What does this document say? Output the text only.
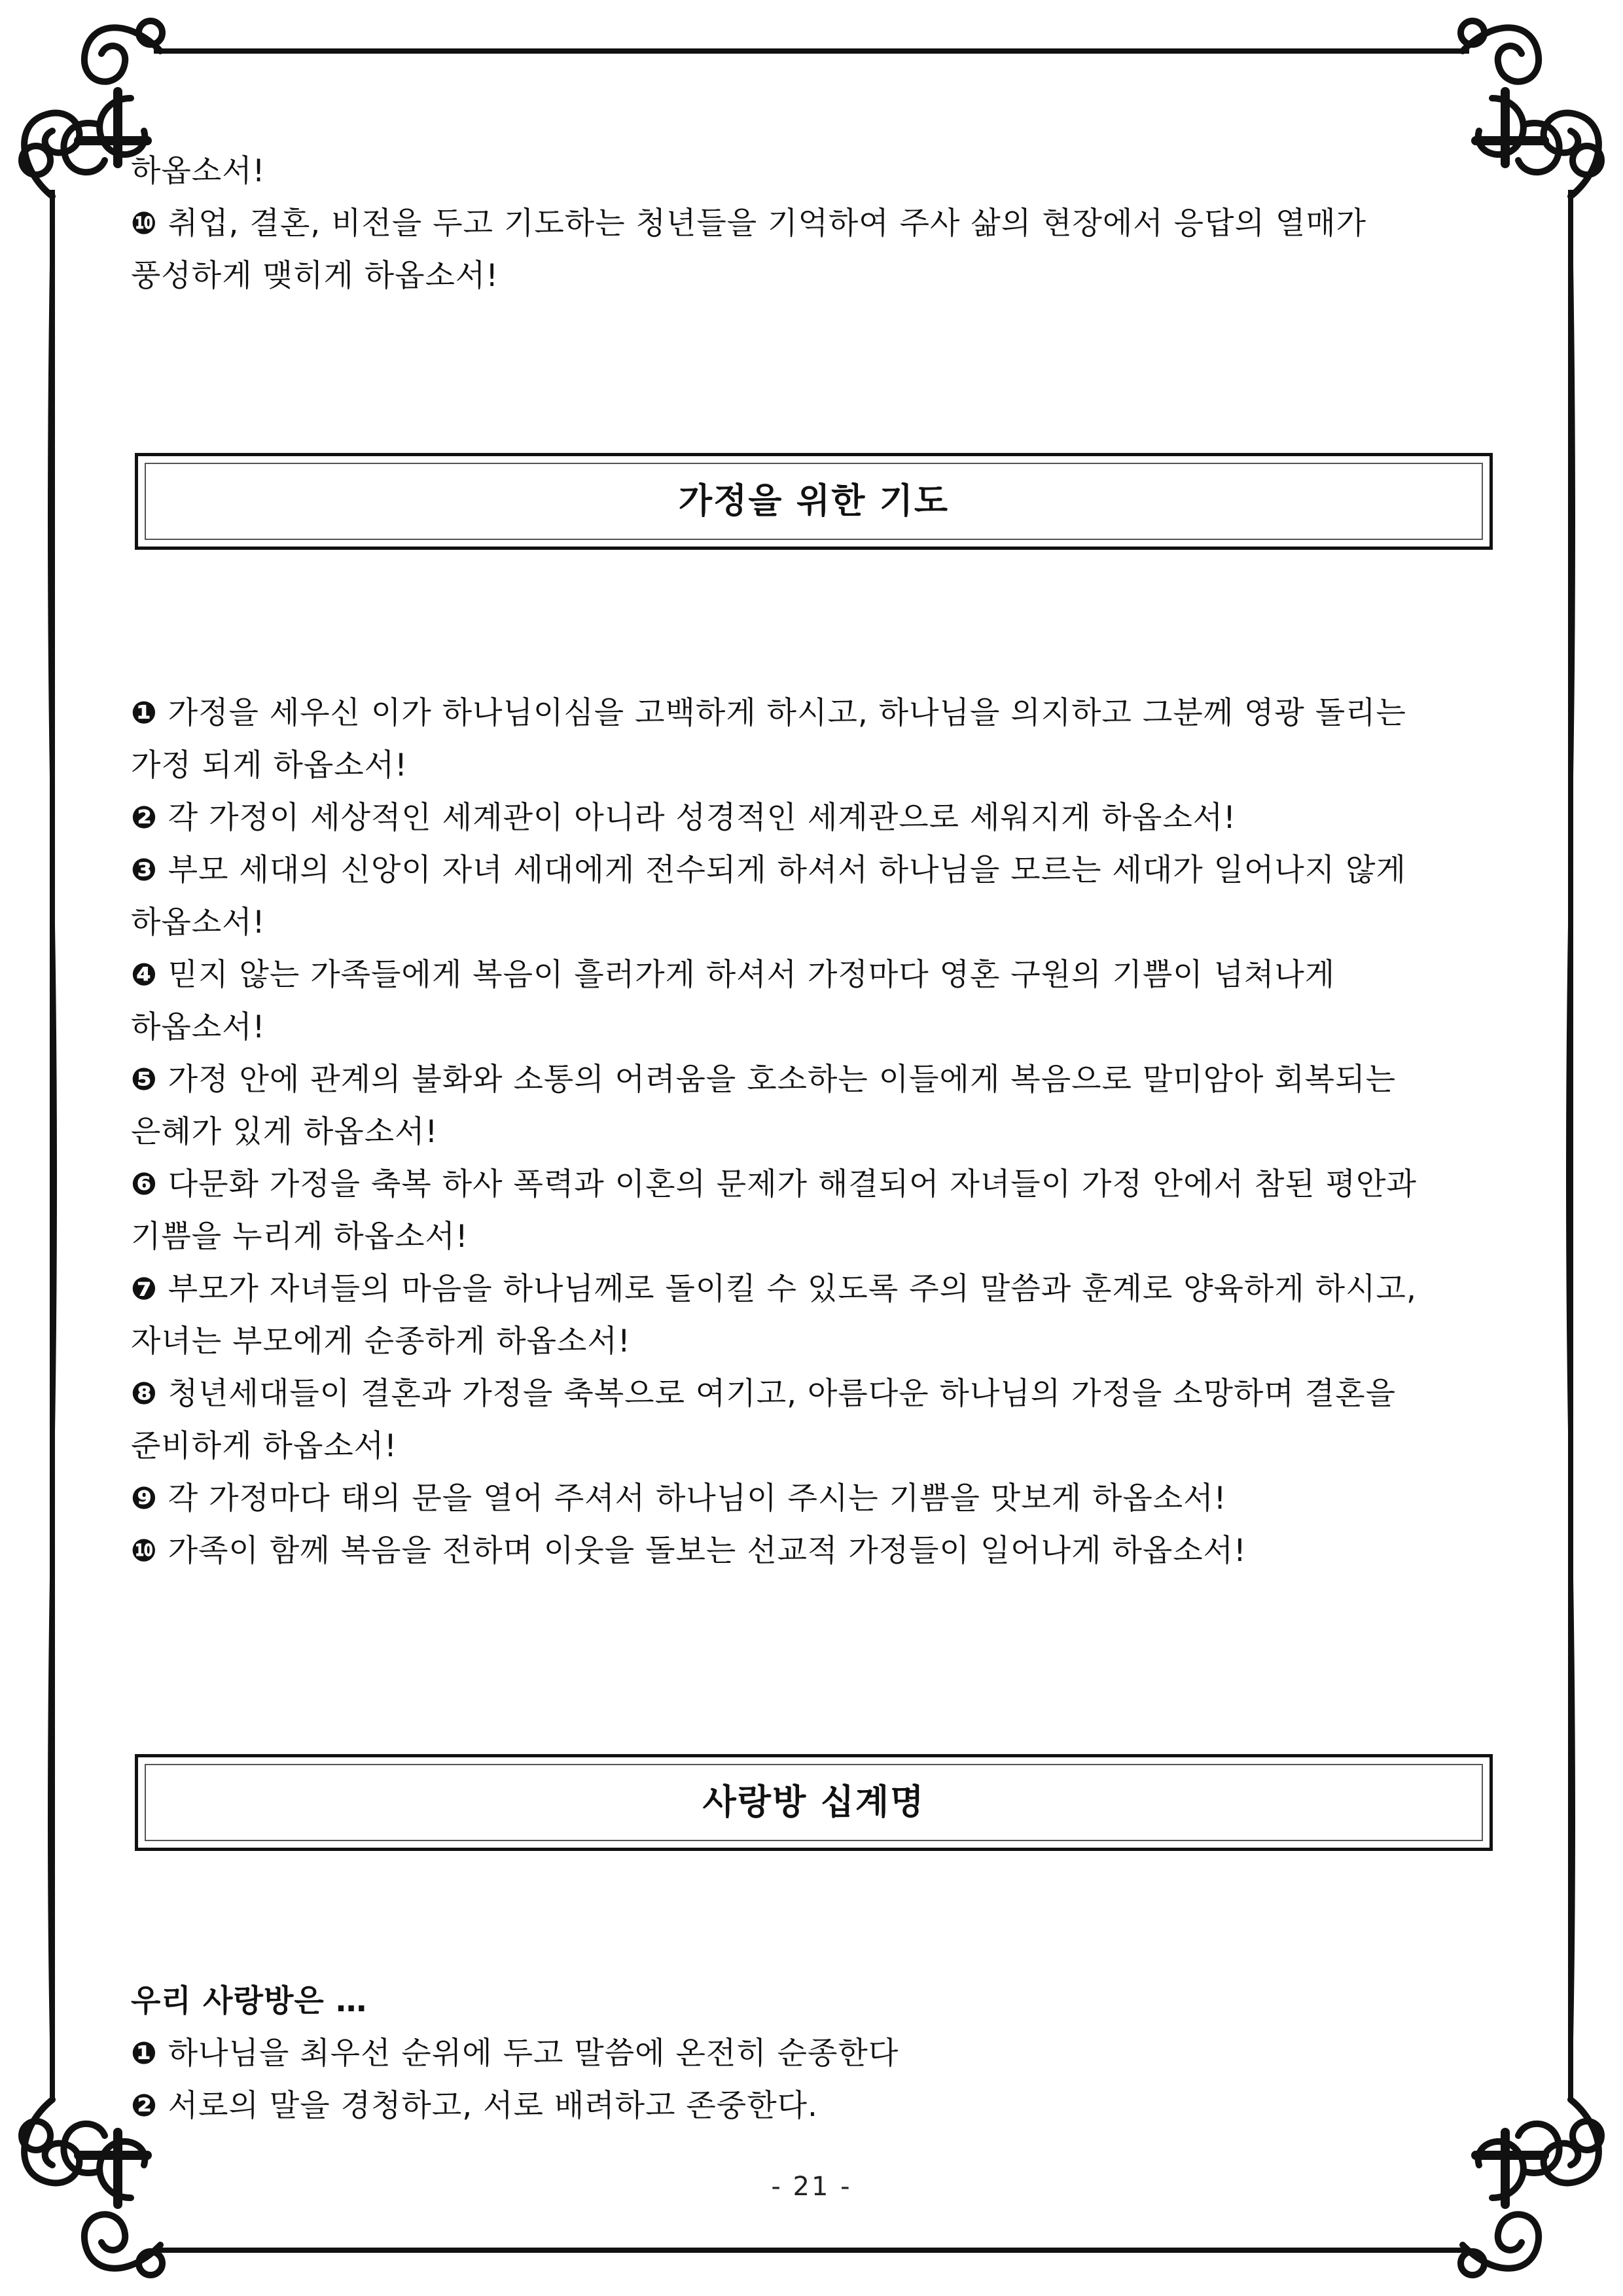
하옵소서!

❿ 취업, 결혼, 비전을 두고 기도하는 청년들을 기억하여 주사 삶의 현장에서 응답의 열매가

풍성하게 맺히게 하옵소서!

가정을 위한 기도

❶ 가정을 세우신 이가 하나님이심을 고백하게 하시고, 하나님을 의지하고 그분께 영광 돌리는

가정 되게 하옵소서!

❷ 각 가정이 세상적인 세계관이 아니라 성경적인 세계관으로 세워지게 하옵소서!

❸ 부모 세대의 신앙이 자녀 세대에게 전수되게 하셔서 하나님을 모르는 세대가 일어나지 않게

하옵소서!

❹ 믿지 않는 가족들에게 복음이 흘러가게 하셔서 가정마다 영혼 구원의 기쁨이 넘쳐나게

하옵소서!

❺ 가정 안에 관계의 불화와 소통의 어려움을 호소하는 이들에게 복음으로 말미암아 회복되는

은혜가 있게 하옵소서!

❻ 다문화 가정을 축복 하사 폭력과 이혼의 문제가 해결되어 자녀들이 가정 안에서 참된 평안과

기쁨을 누리게 하옵소서!

❼ 부모가 자녀들의 마음을 하나님께로 돌이킬 수 있도록 주의 말씀과 훈계로 양육하게 하시고,

자녀는 부모에게 순종하게 하옵소서!

❽ 청년세대들이 결혼과 가정을 축복으로 여기고, 아름다운 하나님의 가정을 소망하며 결혼을

준비하게 하옵소서!

❾ 각 가정마다 태의 문을 열어 주셔서 하나님이 주시는 기쁨을 맛보게 하옵소서!

❿ 가족이 함께 복음을 전하며 이웃을 돌보는 선교적 가정들이 일어나게 하옵소서!

사랑방 십계명

우리 사랑방은 …

❶ 하나님을 최우선 순위에 두고 말씀에 온전히 순종한다

❷ 서로의 말을 경청하고, 서로 배려하고 존중한다.

- 21 -
